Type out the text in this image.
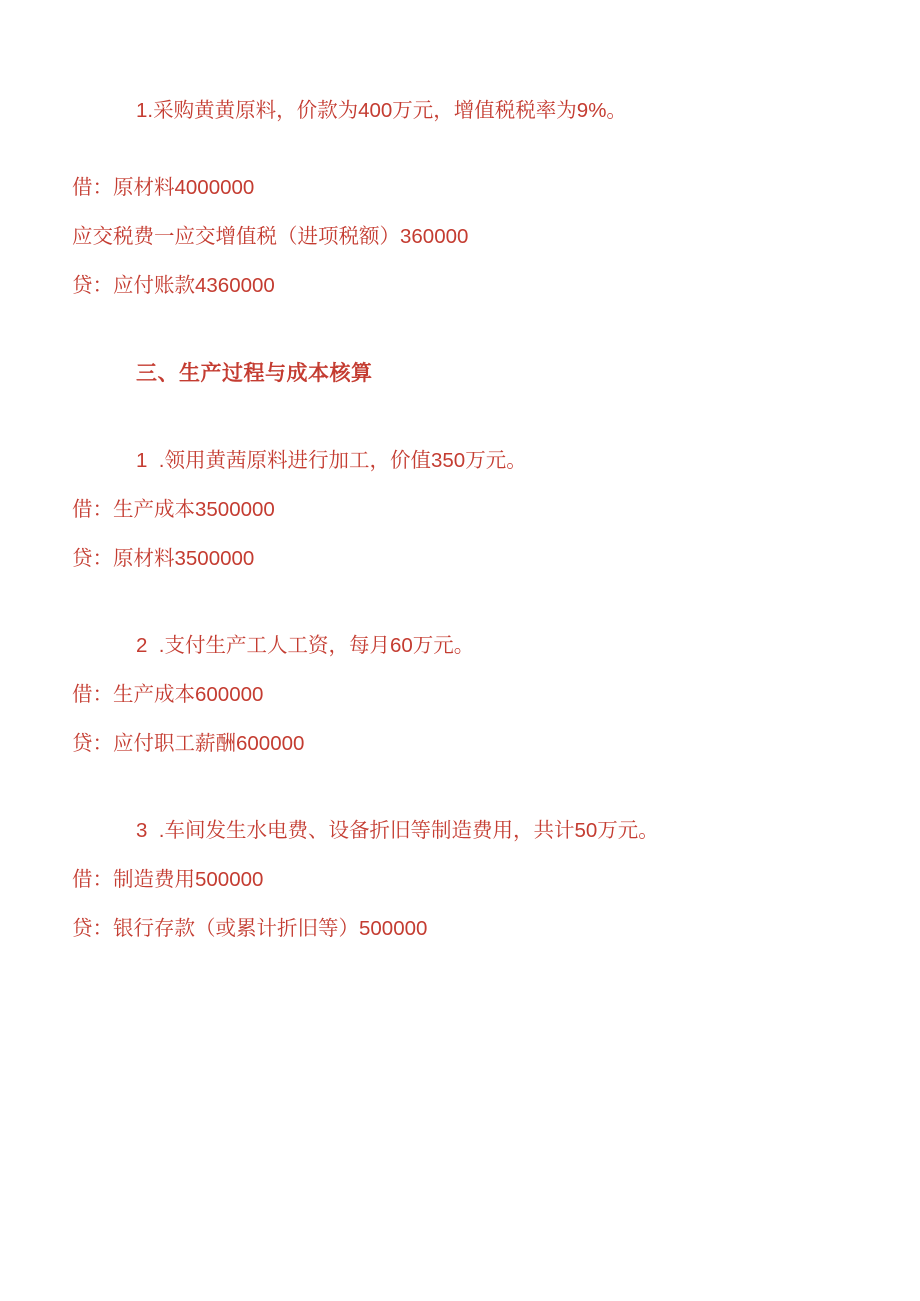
1.采购黄黄原料，价款为400万元，增值税税率为9%。

借：原材料4000000

应交税费一应交增值税（进项税额）360000

贷：应付账款4360000

三、生产过程与成本核算

1  .领用黄茜原料进行加工，价值350万元。

借：生产成本3500000

贷：原材料3500000

2  .支付生产工人工资，每月60万元。

借：生产成本600000

贷：应付职工薪酬600000

3  .车间发生水电费、设备折旧等制造费用，共计50万元。

借：制造费用500000

贷：银行存款（或累计折旧等）500000
